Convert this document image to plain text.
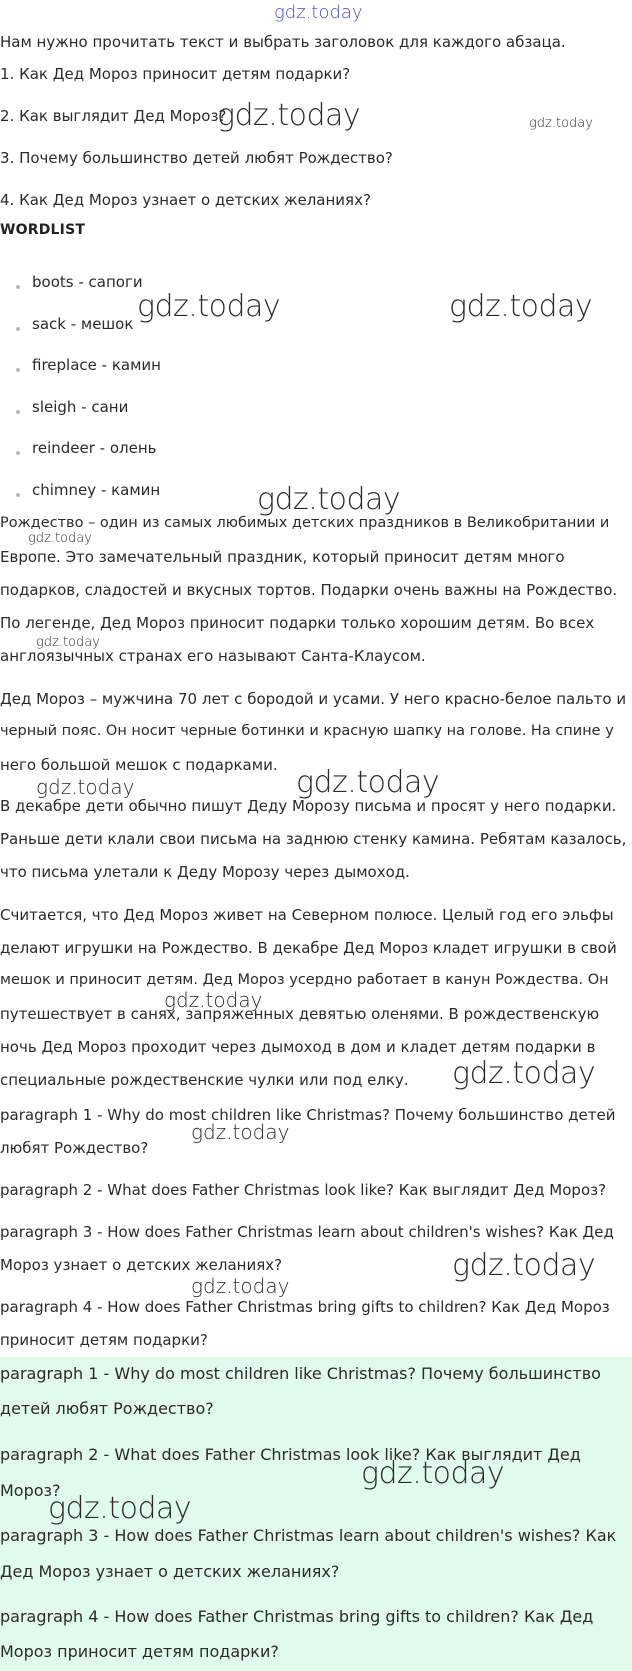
gdz.today
Нам нужно прочитать текст и выбрать заголовок для каждого абзаца.
1. Как Дед Мороз приносит детям подарки?
2. Как выглядит Дед Мороз?
3. Почему большинство детей любят Рождество?
4. Как Дед Мороз узнает о детских желаниях?
WORDLIST
boots - сапоги
sack - мешок
fireplace - камин
sleigh - сани
reindeer - олень
chimney - камин
Рождество – один из самых любимых детских праздников в Великобритании и
Европе. Это замечательный праздник, который приносит детям много
подарков, сладостей и вкусных тортов. Подарки очень важны на Рождество.
По легенде, Дед Мороз приносит подарки только хорошим детям. Во всех
англоязычных странах его называют Санта-Клаусом.
Дед Мороз – мужчина 70 лет с бородой и усами. У него красно-белое пальто и
черный пояс. Он носит черные ботинки и красную шапку на голове. На спине у
него большой мешок с подарками.
В декабре дети обычно пишут Деду Морозу письма и просят у него подарки.
Раньше дети клали свои письма на заднюю стенку камина. Ребятам казалось,
что письма улетали к Деду Морозу через дымоход.
Считается, что Дед Мороз живет на Северном полюсе. Целый год его эльфы
делают игрушки на Рождество. В декабре Дед Мороз кладет игрушки в свой
мешок и приносит детям. Дед Мороз усердно работает в канун Рождества. Он
путешествует в санях, запряженных девятью оленями. В рождественскую
ночь Дед Мороз проходит через дымоход в дом и кладет детям подарки в
специальные рождественские чулки или под елку.
paragraph 1 - Why do most children like Christmas? Почему большинство детей
любят Рождество?
paragraph 2 - What does Father Christmas look like? Как выглядит Дед Мороз?
paragraph 3 - How does Father Christmas learn about children's wishes? Как Дед
Мороз узнает о детских желаниях?
paragraph 4 - How does Father Christmas bring gifts to children? Как Дед Мороз
приносит детям подарки?
paragraph 1 - Why do most children like Christmas? Почему большинство
детей любят Рождество?
paragraph 2 - What does Father Christmas look like? Как выглядит Дед
Мороз?
paragraph 3 - How does Father Christmas learn about children's wishes? Как
Дед Мороз узнает о детских желаниях?
paragraph 4 - How does Father Christmas bring gifts to children? Как Дед
Мороз приносит детям подарки?
gdz.today	gdz.today
gdz.today	gdz.today
gdz.today
gdz.today
gdz.today
gdz.today	gdz.today
gdz.today
gdz.today
gdz.today
gdz.today
gdz.today
gdz.today
gdz.today
